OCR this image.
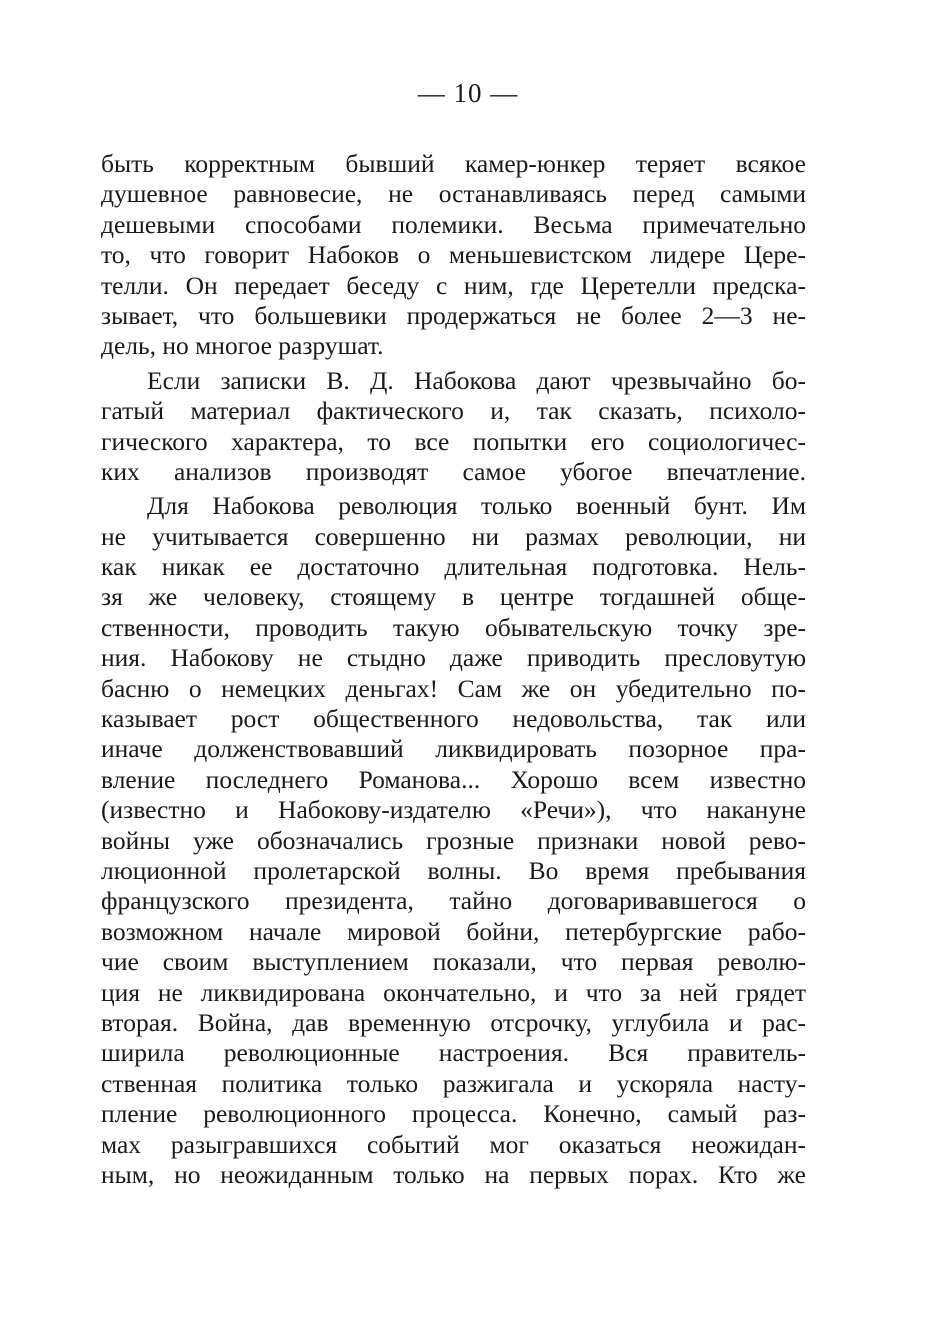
— 10 —
быть корректным бывший камер-юнкер теряет всякое
душевное равновесие, не останавливаясь перед самыми
дешевыми способами полемики. Весьма примечательно
то, что говорит Набоков о меньшевистском лидере Цере-
телли. Он передает беседу с ним, где Церетелли предска-
зывает, что большевики продержаться не более 2—3 не-
дель, но многое разрушат.
Если записки В. Д. Набокова дают чрезвычайно бо-
гатый материал фактического и, так сказать, психоло-
гического характера, то все попытки его социологичес-
ких анализов производят самое убогое впечатление.
Для Набокова революция только военный бунт. Им
не учитывается совершенно ни размах революции, ни
как никак ее достаточно длительная подготовка. Нель-
зя же человеку, стоящему в центре тогдашней обще-
ственности, проводить такую обывательскую точку зре-
ния. Набокову не стыдно даже приводить пресловутую
басню о немецких деньгах! Сам же он убедительно по-
казывает рост общественного недовольства, так или
иначе долженствовавший ликвидировать позорное пра-
вление последнего Романова... Хорошо всем известно
(известно и Набокову-издателю «Речи»), что накануне
войны уже обозначались грозные признаки новой рево-
люционной пролетарской волны. Во время пребывания
французского президента, тайно договаривавшегося о
возможном начале мировой бойни, петербургские рабо-
чие своим выступлением показали, что первая револю-
ция не ликвидирована окончательно, и что за ней грядет
вторая. Война, дав временную отсрочку, углубила и рас-
ширила революционные настроения. Вся правитель-
ственная политика только разжигала и ускоряла насту-
пление революционного процесса. Конечно, самый раз-
мах разыгравшихся событий мог оказаться неожидан-
ным, но неожиданным только на первых порах. Кто же
